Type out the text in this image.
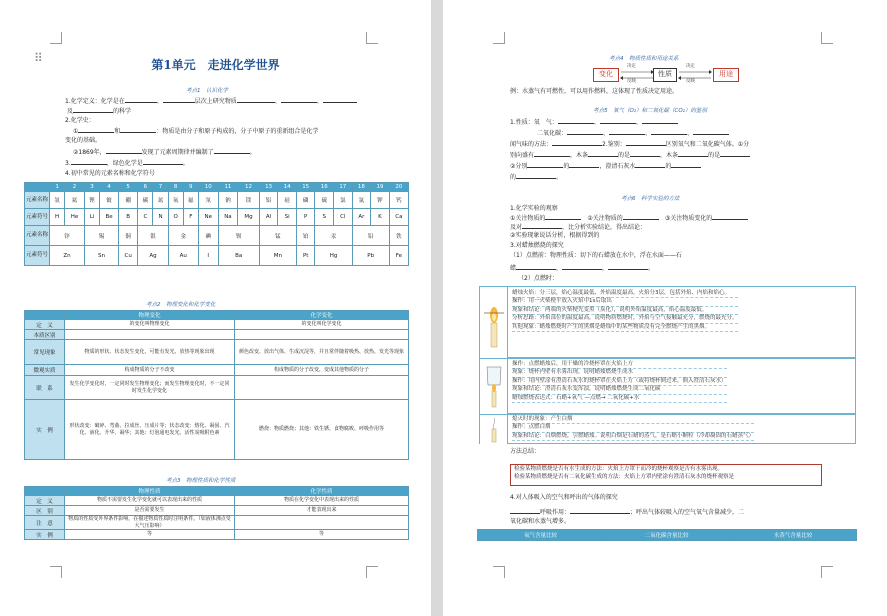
⠿	第1单元　走进化学世界
考点1　认识化学
1.化学定义：化学是在	、	层次上研究物质	、	、
及	的科学
2.化学史：
①	和	：物质是由分子和原子构成的，分子中原子的重新组合是化学
变化的基础。
②1869年，	发现了元素周期律并编制了	。
3.	，绿色化学是	。
4.初中常见的元素名称和化学符号
	1	2	3	4	5	6	7	8	9	10	11	12	13	14	15	16	17	18	19	20
元素名称	氢	氦	锂	铍	硼	碳	氮	氧	氟	氖	钠	镁	铝	硅	磷	硫	氯	氩	钾	钙
元素符号	H	He	Li	Be	B	C	N	O	F	Ne	Na	Mg	Al	Si	P	S	Cl	Ar	K	Ca
元素名称	锌		锡		铜	银		金		碘	钡		锰		铂	汞		铅		铁
元素符号	Zn		Sn		Cu	Ag		Au		I	Ba		Mn		Pt	Hg		Pb		Fe
考点2　物理变化和化学变化
	物理变化	化学变化
定　义	的变化叫物理变化	的变化叫化学变化
本质区别		
常见现象	物质的形状、状态发生变化，可能有发光、放热等现象出现	颜色改变、放出气体、生成沉淀等，并且常伴随着吸热、放热、发光等现象
微观实质	构成物质的分子不改变	构成物质的分子改变，变成其他物质的分子
联　系	发生化学变化时，一定同时发生物理变化；而发生物理变化时，不一定同时发生化学变化	
实　例	形状改变：破碎、弯曲、拉成丝、压成片等；状态改变：熔化、凝固、汽化、液化、升华、凝华；其他：灯泡通电发光、活性炭吸附色素	燃烧：物质燃烧；其他：铁生锈、食物腐败、呼吸作用等
考点3　物理性质和化学性质
	物理性质	化学性质
定　义	物质不需要发生化学变化就可以表现出来的性质	物质在化学变化中表现出来的性质
区　别	是否需要发生	才能表现出来
注　意	物质的性质受外界条件影响，在描述物质性质时注明条件。（如液体沸点受大气压影响）	
实　例	等	等
考点4　物质性质和用途关系
变化	性质	用途
决定
反映
决定
反映
例：水蒸气有可燃性，可以用作燃料，这体现了性质决定用途。
考点5　氧气（O₂）和二氧化碳（CO₂）的鉴别
1.性质：氧　气：	、	、
二氧化碳：	、	、	、
闻气味的方法：	2.鉴别：	区别氧气和二氧化碳气体。①分
别向盛有	，木条	的是	，木条	的是
②分别	的	，澄清石灰水	的
的	。
考点6　科学实验的方法
1.化学实验的观察
①关注物质的　	②关注物质的　	③关注物质变化的
及对	，比分析实验结论，得出结论：
②实验现象说话分析，根据得到的
3.对蜡烛燃烧的探究
（1）点燃前：物理性质：切下的石蜡放在水中，浮在水面——石
蜡	，	，	。
（2）点燃时：
蜡烛火焰：分三层，焰心温度最低、外焰温度最高。火焰分3层，包括外焰、内焰和焰心。
操作：用一火柴梗平放入火焰中1s后取出
现象和结论：两端的火柴梗先变黑（炭化），说明外焰温度最高，焰心温度最低。
分析思路：外焰部位的温度最高，说明物质燃烧时，外焰与空气接触最充分，燃烧的最充分。
其他现象：蜡烛燃烧时产生的黑烟是蜡烛中的某些物质没有完全燃烧产生的黑烟。
操作：点燃蜡烛后，用干燥的冷烧杯罩在火焰上方
现象：烧杯内壁有水雾出现，说明蜡烛燃烧生成水
操作：用内壁涂有澄清石灰水的烧杯罩在火焰上方（或将烧杯倒过来，倒入澄清石灰水）
现象和结论：澄清石灰水变浑浊，说明蜡烛燃烧生成二氧化碳
蜡烛燃烧表达式：石蜡+氧气 —点燃→ 二氧化碳+水
熄灭时的现象：产生白烟
操作：点燃白烟
现象和结论：白烟燃烧，引燃蜡烛。说明白烟是石蜡的蒸气，是石蜡小颗粒（冷却凝固的石蜡蒸气）
方法总结：
检验某物质燃烧是否有水生成的方法：火焰上方罩干而冷的烧杯观察是否有水雾出现。
检验某物质燃烧是否有二氧化碳生成的方法：火焰上方罩内壁涂有澄清石灰水的烧杯观察是
4.对人体吸入的空气和呼出的气体的探究
呼吸作用：	；呼出气体较吸入的空气氧气含量减少，二
氧化碳和水蒸气增多。
氧气含量比较	二氧化碳含量比较	水蒸气含量比较
